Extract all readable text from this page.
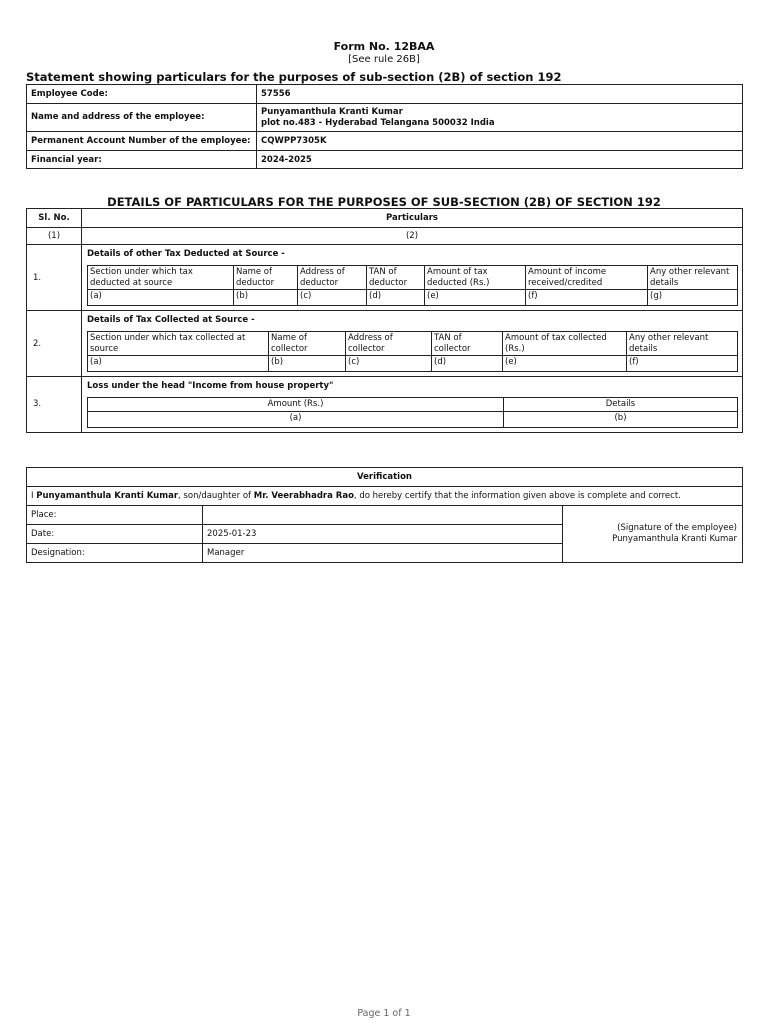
Form No. 12BAA
[See rule 26B]
Statement showing particulars for the purposes of sub-section (2B) of section 192
Employee Code:	57556
Name and address of the employee:	Punyamanthula Kranti Kumar
plot no.483 - Hyderabad Telangana 500032 India

Permanent Account Number of the employee:	CQWPP7305K
Financial year:	2024-2025
DETAILS OF PARTICULARS FOR THE PURPOSES OF SUB-SECTION (2B) OF SECTION 192
Sl. No.	Particulars
(1)	(2)
1.	
Details of other Tax Deducted at Source -
Section under which tax deducted at source	Name of deductor	Address of deductor	TAN of deductor	Amount of tax deducted (Rs.)	Amount of income received/credited	Any other relevant details
(a)	(b)	(c)	(d)	(e)	(f)	(g)

2.	
Details of Tax Collected at Source -
Section under which tax collected at source	Name of collector	Address of collector	TAN of collector	Amount of tax collected (Rs.)	Any other relevant details
(a)	(b)	(c)	(d)	(e)	(f)

3.	
Loss under the head "Income from house property"
Amount (Rs.)	Details
(a)	(b)
Verification		
I Punyamanthula Kranti Kumar, son/daughter of Mr. Veerabhadra Rao, do hereby certify that the information given above is complete and correct.		
Place:		(Signature of the employee)
Punyamanthula Kranti Kumar

Date:	2025-01-23	
Designation:	Manager	
Page 1 of 1
